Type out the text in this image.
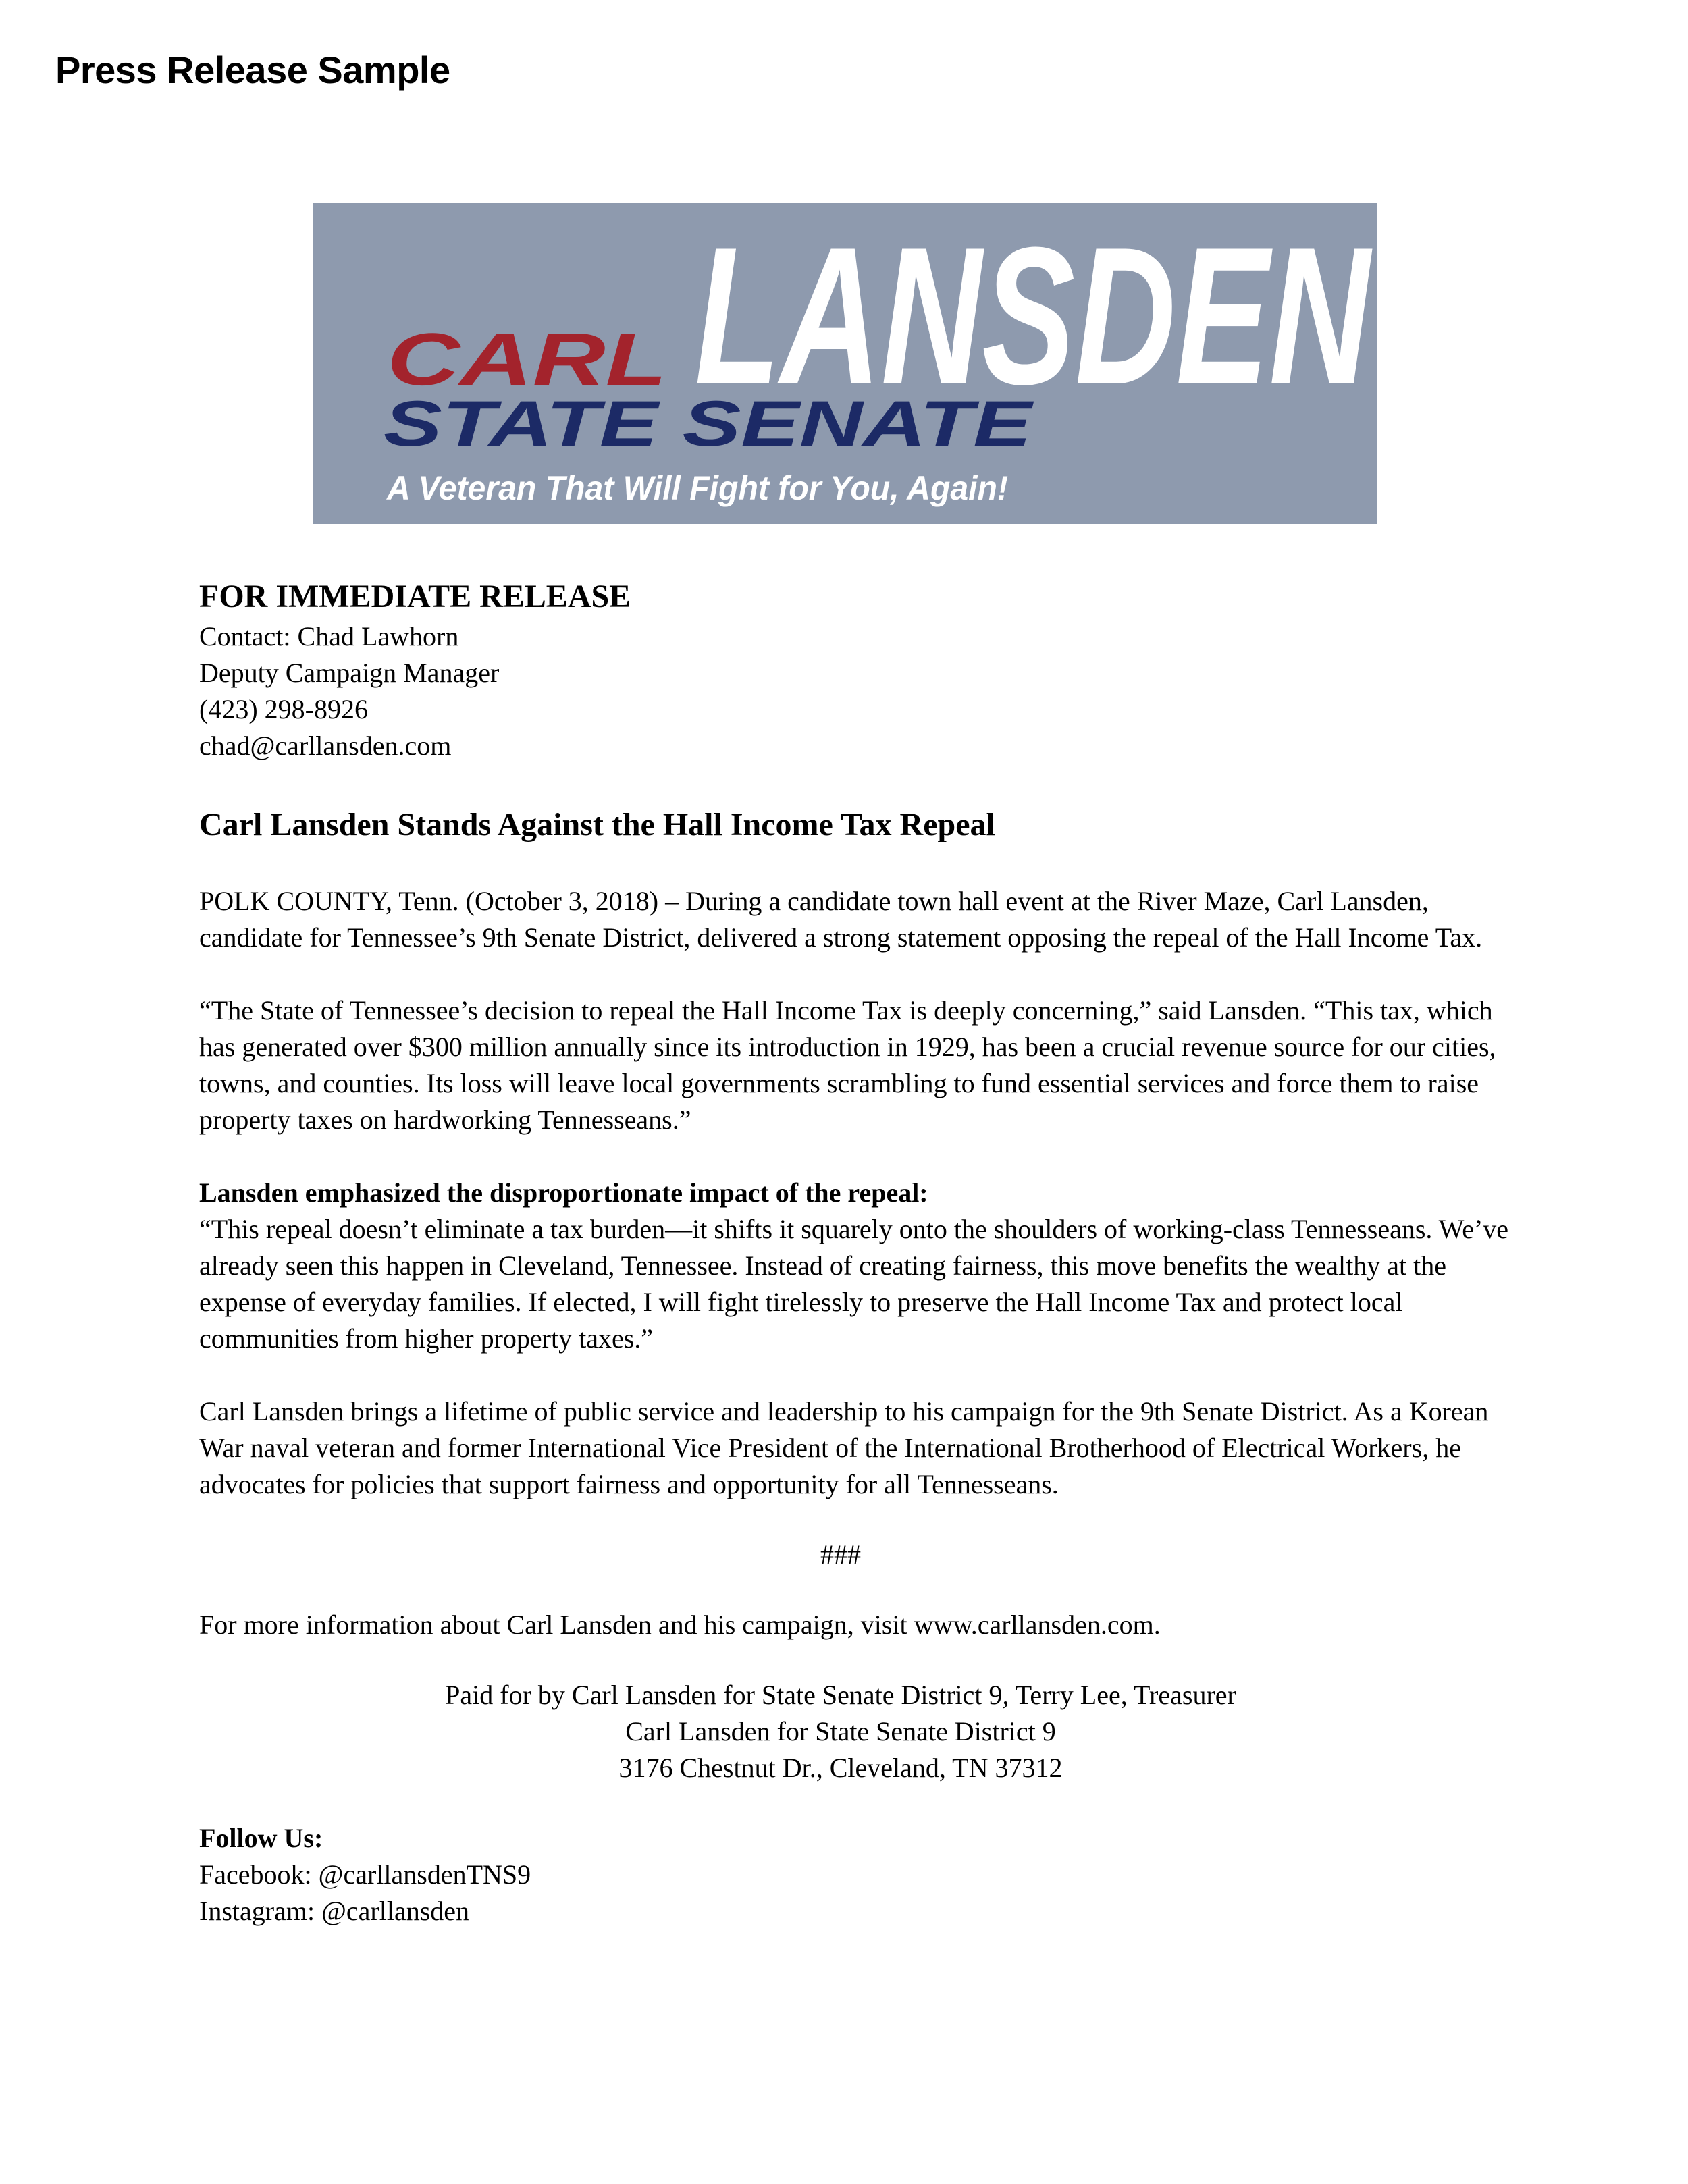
Press Release Sample
LANSDEN
CARL
STATE SENATE
A Veteran That Will Fight for You, Again!

FOR IMMEDIATE RELEASE

Contact: Chad Lawhorn

Deputy Campaign Manager

(423) 298-8926

chad@carllansden.com

Carl Lansden Stands Against the Hall Income Tax Repeal

POLK COUNTY, Tenn. (October 3, 2018) – During a candidate town hall event at the River Maze, Carl Lansden, candidate for Tennessee’s 9th Senate District, delivered a strong statement opposing the repeal of the Hall Income Tax.

“The State of Tennessee’s decision to repeal the Hall Income Tax is deeply concerning,” said Lansden. “This tax, which has generated over $300 million annually since its introduction in 1929, has been a crucial revenue source for our cities, towns, and counties. Its loss will leave local governments scrambling to fund essential services and force them to raise property taxes on hardworking Tennesseans.”

Lansden emphasized the disproportionate impact of the repeal:

“This repeal doesn’t eliminate a tax burden—it shifts it squarely onto the shoulders of working-class Tennesseans. We’ve already seen this happen in Cleveland, Tennessee. Instead of creating fairness, this move benefits the wealthy at the expense of everyday families. If elected, I will fight tirelessly to preserve the Hall Income Tax and protect local communities from higher property taxes.”

Carl Lansden brings a lifetime of public service and leadership to his campaign for the 9th Senate District. As a Korean War naval veteran and former International Vice President of the International Brotherhood of Electrical Workers, he advocates for policies that support fairness and opportunity for all Tennesseans.

###

For more information about Carl Lansden and his campaign, visit www.carllansden.com.

Paid for by Carl Lansden for State Senate District 9, Terry Lee, Treasurer

Carl Lansden for State Senate District 9

3176 Chestnut Dr., Cleveland, TN 37312

Follow Us:

Facebook: @carllansdenTNS9

Instagram: @carllansden
